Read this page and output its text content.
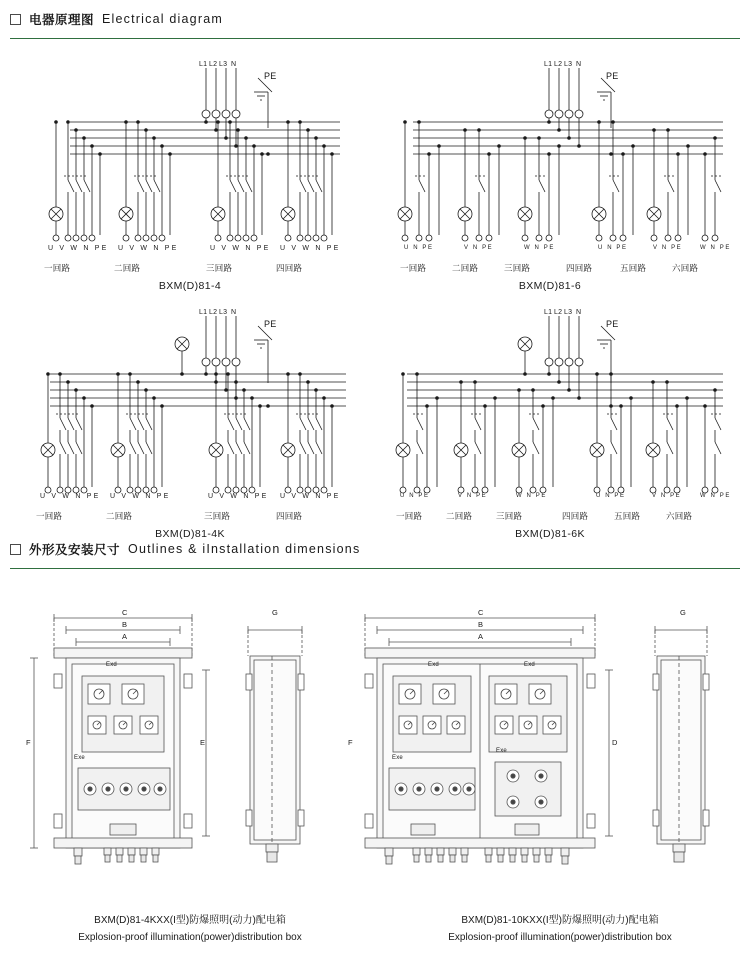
电器原理图 Electrical diagram
L1 L2 L3 N
PE
U V W N PE U V W N PE	U V W N PE U V W N PE
一回路	二回路	三回路	四回路
BXM(D)81-4
L1 L2 L3 N
PE
U N PE	V N PE	W N PE	U N PE	V N PE	W N PE
一回路	二回路	三回路	四回路	五回路	六回路
BXM(D)81-6
L1 L2 L3 N
PE
U V W N PE U V W N PE	U V W N PE U V W N PE
一回路	二回路	三回路	四回路
BXM(D)81-4K
L1 L2 L3 N
PE
U N PE	V N PE	W N PE	U N PE	V N PE	W N PE
一回路	二回路	三回路	四回路	五回路	六回路
BXM(D)81-6K
外形及安装尺寸 Outlines & iInstallation dimensions
C
B
A
F	E
G
Exd
Exe
C
B
A
F	D
G
Exd	Exd
Exe
Exe
BXM(D)81-4KXX(I型)防爆照明(动力)配电箱
Explosion-proof illumination(power)distribution box
BXM(D)81-10KXX(I型)防爆照明(动力)配电箱
Explosion-proof illumination(power)distribution box
